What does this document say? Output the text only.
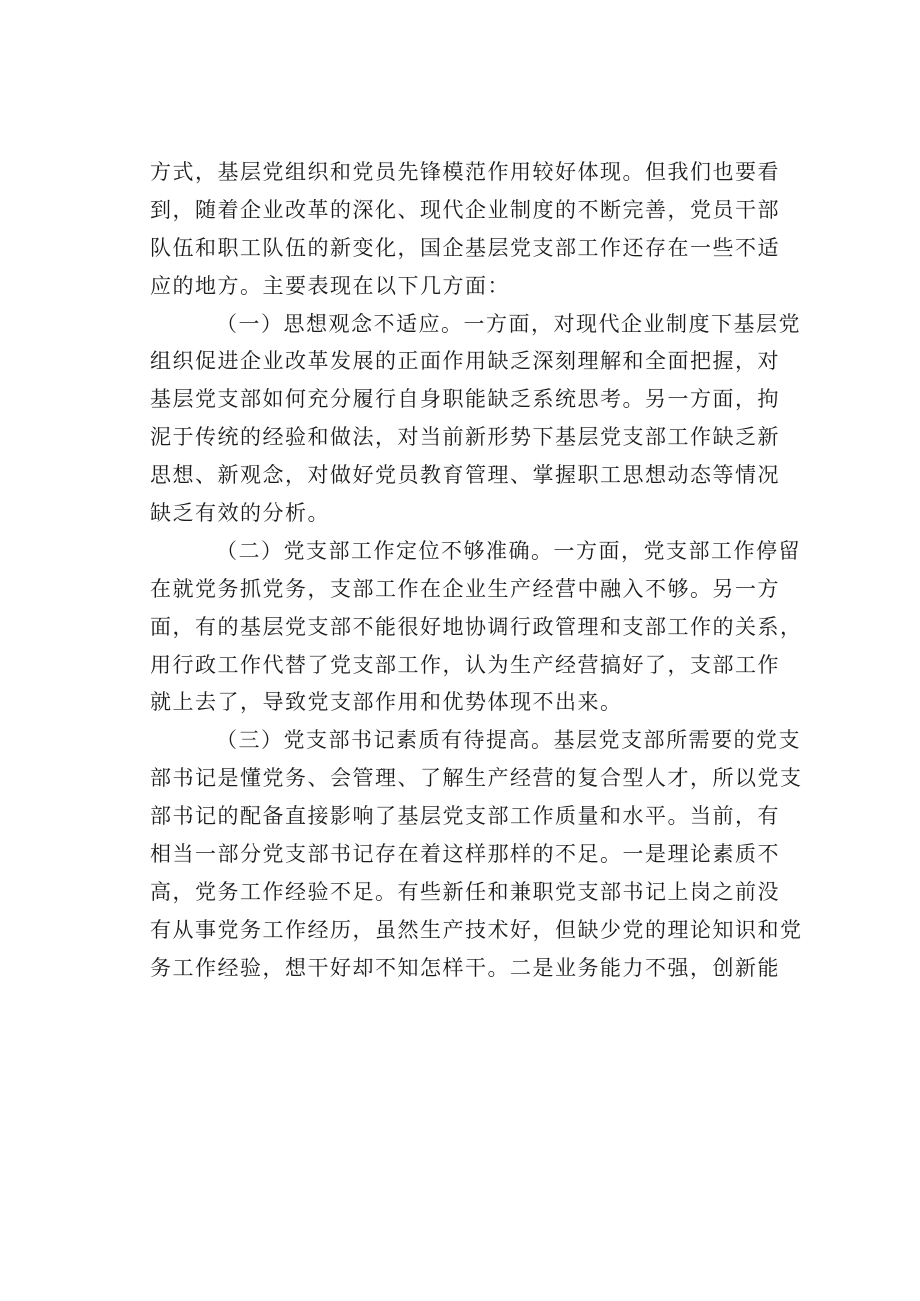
方式，基层党组织和党员先锋模范作用较好体现。但我们也要看
到，随着企业改革的深化、现代企业制度的不断完善，党员干部
队伍和职工队伍的新变化，国企基层党支部工作还存在一些不适
应的地方。主要表现在以下几方面：
（一）思想观念不适应。一方面，对现代企业制度下基层党
组织促进企业改革发展的正面作用缺乏深刻理解和全面把握，对
基层党支部如何充分履行自身职能缺乏系统思考。另一方面，拘
泥于传统的经验和做法，对当前新形势下基层党支部工作缺乏新
思想、新观念，对做好党员教育管理、掌握职工思想动态等情况
缺乏有效的分析。
（二）党支部工作定位不够准确。一方面，党支部工作停留
在就党务抓党务，支部工作在企业生产经营中融入不够。另一方
面，有的基层党支部不能很好地协调行政管理和支部工作的关系，
用行政工作代替了党支部工作，认为生产经营搞好了，支部工作
就上去了，导致党支部作用和优势体现不出来。
（三）党支部书记素质有待提高。基层党支部所需要的党支
部书记是懂党务、会管理、了解生产经营的复合型人才，所以党支
部书记的配备直接影响了基层党支部工作质量和水平。当前，有
相当一部分党支部书记存在着这样那样的不足。一是理论素质不
高，党务工作经验不足。有些新任和兼职党支部书记上岗之前没
有从事党务工作经历，虽然生产技术好，但缺少党的理论知识和党
务工作经验，想干好却不知怎样干。二是业务能力不强，创新能
